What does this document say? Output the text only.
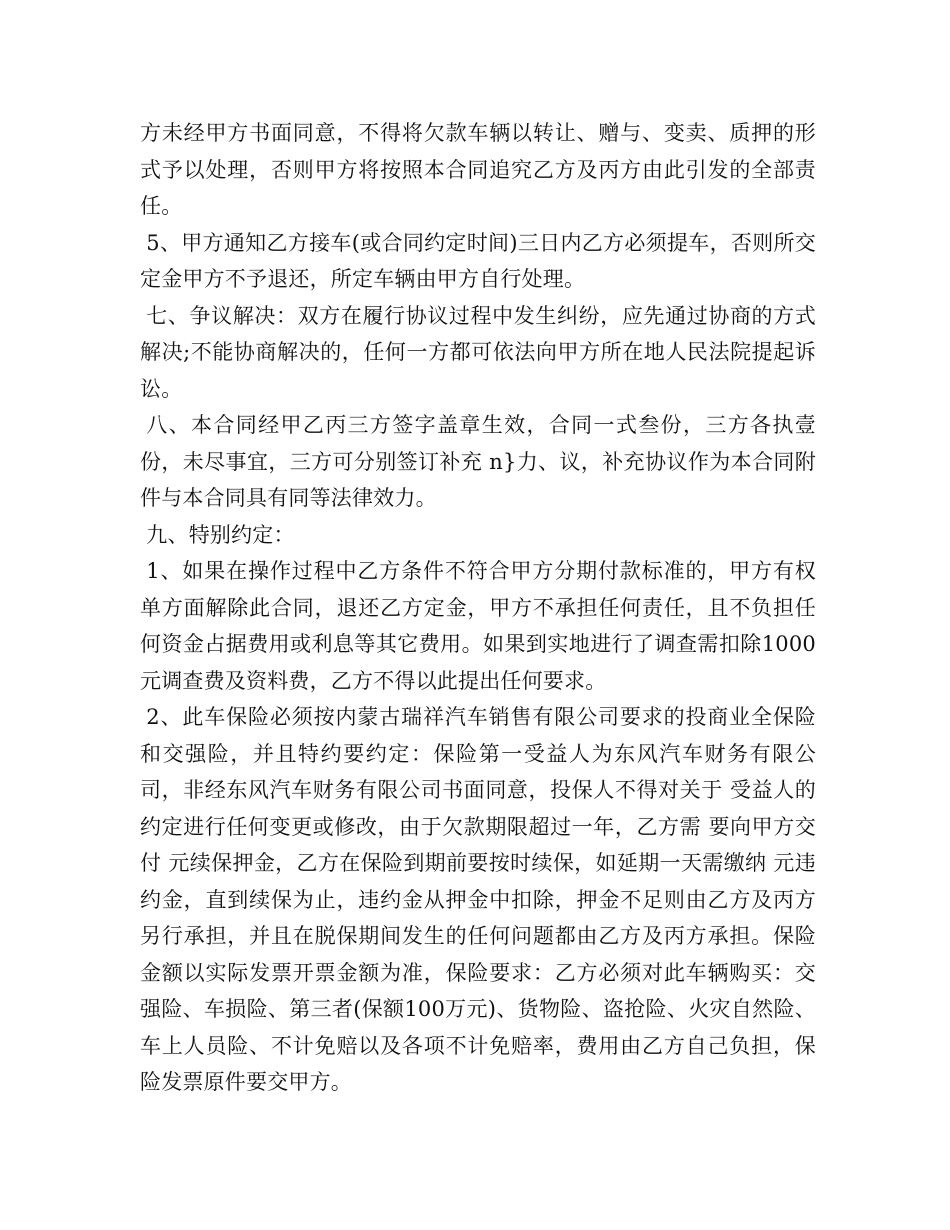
方未经甲方书面同意，不得将欠款车辆以转让、赠与、变卖、质押的形式予以处理，否则甲方将按照本合同追究乙方及丙方由此引发的全部责任。

5、甲方通知乙方接车(或合同约定时间)三日内乙方必须提车，否则所交定金甲方不予退还，所定车辆由甲方自行处理。

七、争议解决：双方在履行协议过程中发生纠纷，应先通过协商的方式解决;不能协商解决的，任何一方都可依法向甲方所在地人民法院提起诉讼。

八、本合同经甲乙丙三方签字盖章生效，合同一式叁份，三方各执壹份，未尽事宜，三方可分别签订补充 n}力、议，补充协议作为本合同附件与本合同具有同等法律效力。

九、特别约定：

1、如果在操作过程中乙方条件不符合甲方分期付款标准的，甲方有权单方面解除此合同，退还乙方定金，甲方不承担任何责任，且不负担任何资金占据费用或利息等其它费用。如果到实地进行了调查需扣除1000元调查费及资料费，乙方不得以此提出任何要求。

2、此车保险必须按内蒙古瑞祥汽车销售有限公司要求的投商业全保险和交强险，并且特约要约定：保险第一受益人为东风汽车财务有限公司，非经东风汽车财务有限公司书面同意，投保人不得对关于 受益人的约定进行任何变更或修改，由于欠款期限超过一年，乙方需 要向甲方交付 元续保押金，乙方在保险到期前要按时续保，如延期一天需缴纳 元违约金，直到续保为止，违约金从押金中扣除，押金不足则由乙方及丙方另行承担，并且在脱保期间发生的任何问题都由乙方及丙方承担。保险金额以实际发票开票金额为准，保险要求：乙方必须对此车辆购买：交强险、车损险、第三者(保额100万元)、货物险、盗抢险、火灾自然险、车上人员险、不计免赔以及各项不计免赔率，费用由乙方自己负担，保险发票原件要交甲方。
